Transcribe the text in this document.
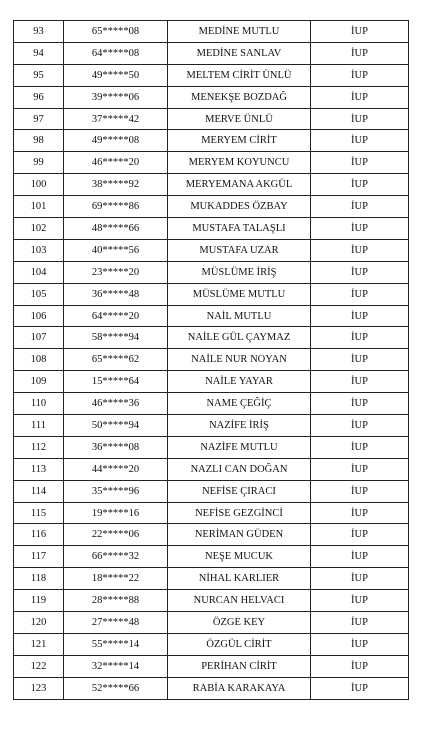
93	65*****08	MEDİNE MUTLU	İUP
94	64*****08	MEDİNE SANLAV	İUP
95	49*****50	MELTEM CİRİT ÜNLÜ	İUP
96	39*****06	MENEKŞE BOZDAĞ	İUP
97	37*****42	MERVE ÜNLÜ	İUP
98	49*****08	MERYEM CİRİT	İUP
99	46*****20	MERYEM KOYUNCU	İUP
100	38*****92	MERYEMANA AKGÜL	İUP
101	69*****86	MUKADDES ÖZBAY	İUP
102	48*****66	MUSTAFA TALAŞLI	İUP
103	40*****56	MUSTAFA UZAR	İUP
104	23*****20	MÜSLÜME İRİŞ	İUP
105	36*****48	MÜSLÜME MUTLU	İUP
106	64*****20	NAİL MUTLU	İUP
107	58*****94	NAİLE GÜL ÇAYMAZ	İUP
108	65*****62	NAİLE NUR NOYAN	İUP
109	15*****64	NAİLE YAYAR	İUP
110	46*****36	NAME ÇEĞİÇ	İUP
111	50*****94	NAZİFE İRİŞ	İUP
112	36*****08	NAZİFE MUTLU	İUP
113	44*****20	NAZLI CAN DOĞAN	İUP
114	35*****96	NEFİSE ÇIRACI	İUP
115	19*****16	NEFİSE GEZGİNCİ	İUP
116	22*****06	NERİMAN GÜDEN	İUP
117	66*****32	NEŞE MUCUK	İUP
118	18*****22	NİHAL KARLIER	İUP
119	28*****88	NURCAN HELVACI	İUP
120	27*****48	ÖZGE KEY	İUP
121	55*****14	ÖZGÜL CİRİT	İUP
122	32*****14	PERİHAN CİRİT	İUP
123	52*****66	RABİA KARAKAYA	İUP
